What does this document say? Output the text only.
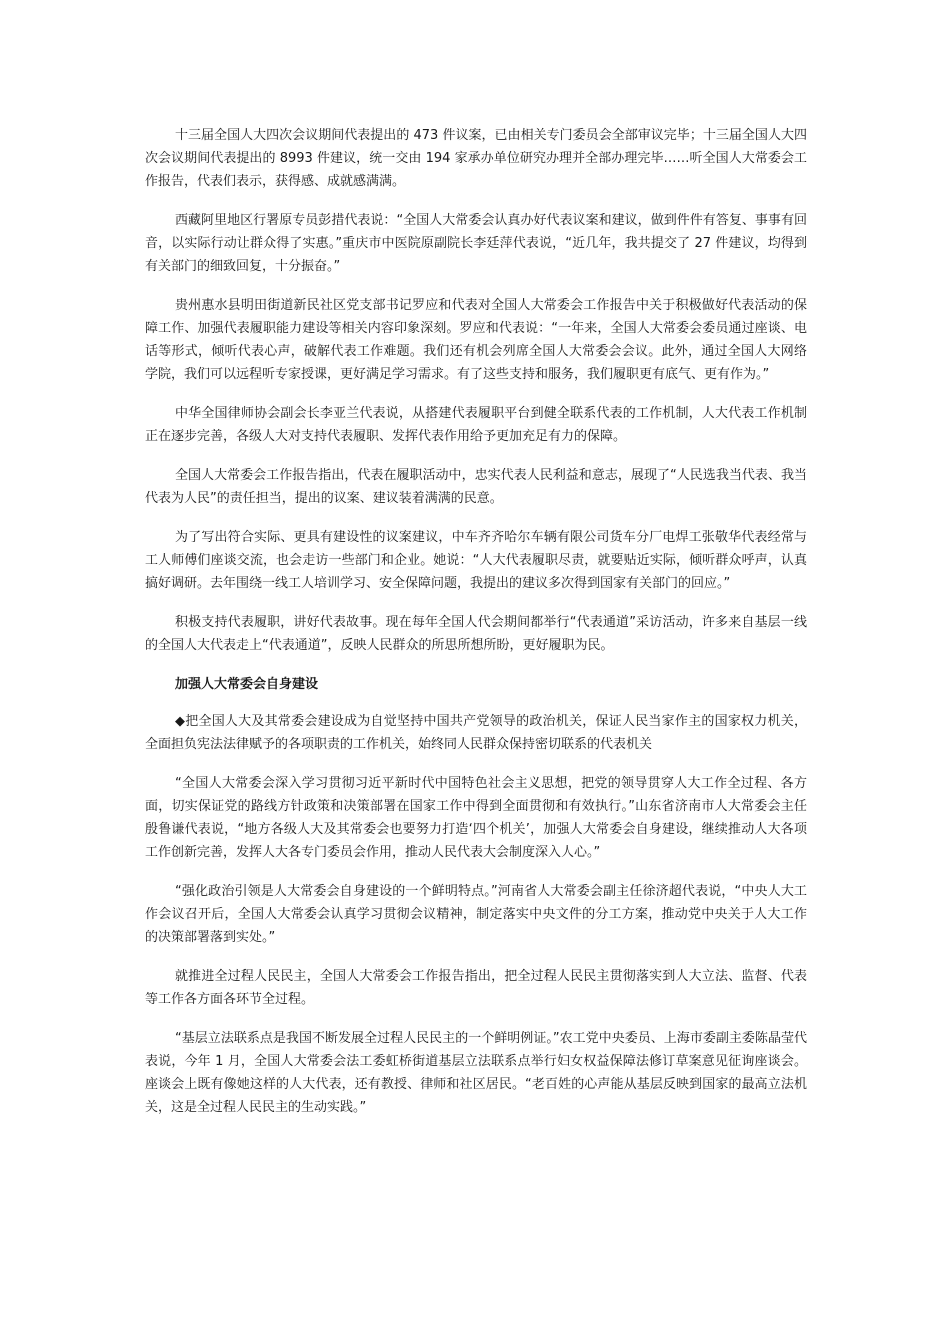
十三届全国人大四次会议期间代表提出的 473 件议案，已由相关专门委员会全部审议完毕；十三届全国人大四次会议期间代表提出的 8993 件建议，统一交由 194 家承办单位研究办理并全部办理完毕……听全国人大常委会工作报告，代表们表示，获得感、成就感满满。

西藏阿里地区行署原专员彭措代表说：“全国人大常委会认真办好代表议案和建议，做到件件有答复、事事有回音，以实际行动让群众得了实惠。”重庆市中医院原副院长李廷萍代表说，“近几年，我共提交了 27 件建议，均得到有关部门的细致回复，十分振奋。”

贵州惠水县明田街道新民社区党支部书记罗应和代表对全国人大常委会工作报告中关于积极做好代表活动的保障工作、加强代表履职能力建设等相关内容印象深刻。罗应和代表说：“一年来，全国人大常委会委员通过座谈、电话等形式，倾听代表心声，破解代表工作难题。我们还有机会列席全国人大常委会会议。此外，通过全国人大网络学院，我们可以远程听专家授课，更好满足学习需求。有了这些支持和服务，我们履职更有底气、更有作为。”

中华全国律师协会副会长李亚兰代表说，从搭建代表履职平台到健全联系代表的工作机制，人大代表工作机制正在逐步完善，各级人大对支持代表履职、发挥代表作用给予更加充足有力的保障。

全国人大常委会工作报告指出，代表在履职活动中，忠实代表人民利益和意志，展现了“人民选我当代表、我当代表为人民”的责任担当，提出的议案、建议装着满满的民意。

为了写出符合实际、更具有建设性的议案建议，中车齐齐哈尔车辆有限公司货车分厂电焊工张敬华代表经常与工人师傅们座谈交流，也会走访一些部门和企业。她说：“人大代表履职尽责，就要贴近实际，倾听群众呼声，认真搞好调研。去年围绕一线工人培训学习、安全保障问题，我提出的建议多次得到国家有关部门的回应。”

积极支持代表履职，讲好代表故事。现在每年全国人代会期间都举行“代表通道”采访活动，许多来自基层一线的全国人大代表走上“代表通道”，反映人民群众的所思所想所盼，更好履职为民。

加强人大常委会自身建设

◆把全国人大及其常委会建设成为自觉坚持中国共产党领导的政治机关，保证人民当家作主的国家权力机关，全面担负宪法法律赋予的各项职责的工作机关，始终同人民群众保持密切联系的代表机关

“全国人大常委会深入学习贯彻习近平新时代中国特色社会主义思想，把党的领导贯穿人大工作全过程、各方面，切实保证党的路线方针政策和决策部署在国家工作中得到全面贯彻和有效执行。”山东省济南市人大常委会主任殷鲁谦代表说，“地方各级人大及其常委会也要努力打造‘四个机关’，加强人大常委会自身建设，继续推动人大各项工作创新完善，发挥人大各专门委员会作用，推动人民代表大会制度深入人心。”

“强化政治引领是人大常委会自身建设的一个鲜明特点。”河南省人大常委会副主任徐济超代表说，“中央人大工作会议召开后，全国人大常委会认真学习贯彻会议精神，制定落实中央文件的分工方案，推动党中央关于人大工作的决策部署落到实处。”

就推进全过程人民民主，全国人大常委会工作报告指出，把全过程人民民主贯彻落实到人大立法、监督、代表等工作各方面各环节全过程。

“基层立法联系点是我国不断发展全过程人民民主的一个鲜明例证。”农工党中央委员、上海市委副主委陈晶莹代表说，今年 1 月，全国人大常委会法工委虹桥街道基层立法联系点举行妇女权益保障法修订草案意见征询座谈会。座谈会上既有像她这样的人大代表，还有教授、律师和社区居民。“老百姓的心声能从基层反映到国家的最高立法机关，这是全过程人民民主的生动实践。”
